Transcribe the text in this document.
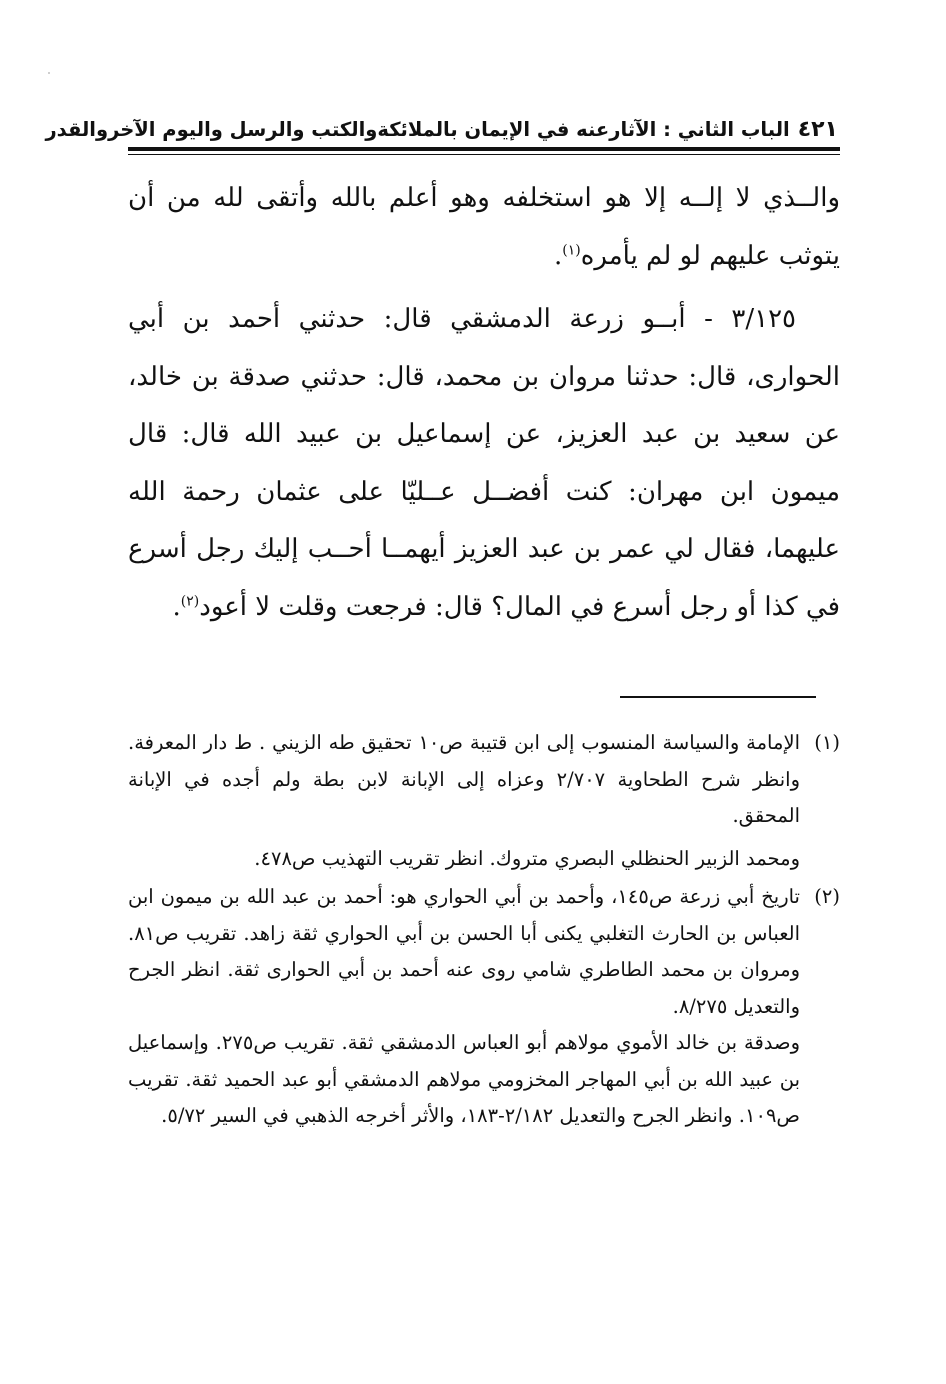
٤٢١
الباب الثاني : الآثارعنه في الإيمان بالملائكةوالكتب والرسل واليوم الآخروالقدر

والــذي لا إلــه إلا هو استخلفه وهو أعلم بالله وأتقى لله من أن يتوثب عليهم لو لم يأمره$^{(١)}$.

٣/١٢٥ - أبــو زرعة الدمشقي قال: حدثني أحمد بن أبي الحوارى، قال: حدثنا مروان بن محمد، قال: حدثني صدقة بن خالد، عن سعيد بن عبد العزيز، عن إسماعيل بن عبيد الله قال: قال ميمون ابن مهران: كنت أفضــل عــليّا على عثمان رحمة الله عليهما، فقال لي عمر بن عبد العزيز أيهمــا أحــب إليك رجل أسرع في كذا أو رجل أسرع في المال؟ قال: فرجعت وقلت لا أعود$^{(٢)}$.

(١)

الإمامة والسياسة المنسوب إلى ابن قتيبة ص١٠ تحقيق طه الزيني . ط دار المعرفة. وانظر شرح الطحاوية ٢/٧٠٧ وعزاه إلى الإبانة لابن بطة ولم أجده في الإبانة المحقق.

ومحمد الزبير الحنظلي البصري متروك. انظر تقريب التهذيب ص٤٧٨.

(٢)

تاريخ أبي زرعة ص١٤٥، وأحمد بن أبي الحواري هو: أحمد بن عبد الله بن ميمون ابن العباس بن الحارث التغلبي يكنى أبا الحسن بن أبي الحواري ثقة زاهد. تقريب ص٨١. ومروان بن محمد الطاطري شامي روى عنه أحمد بن أبي الحوارى ثقة. انظر الجرح والتعديل ٨/٢٧٥.

وصدقة بن خالد الأموي مولاهم أبو العباس الدمشقي ثقة. تقريب ص٢٧٥. وإسماعيل بن عبيد الله بن أبي المهاجر المخزومي مولاهم الدمشقي أبو عبد الحميد ثقة. تقريب ص١٠٩. وانظر الجرح والتعديل ٢/١٨٢-١٨٣، والأثر أخرجه الذهبي في السير ٥/٧٢.
